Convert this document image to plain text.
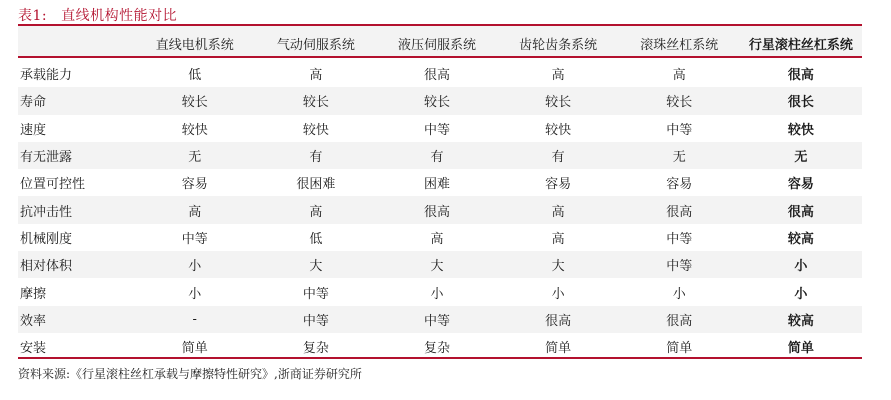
表1: 直线机构性能对比
	直线电机系统	气动伺服系统	液压伺服系统	齿轮齿条系统	滚珠丝杠系统	行星滚柱丝杠系统

承载能力	低	高	很高	高	高	很高
寿命	较长	较长	较长	较长	较长	很长
速度	较快	较快	中等	较快	中等	较快
有无泄露	无	有	有	有	无	无
位置可控性	容易	很困难	困难	容易	容易	容易
抗冲击性	高	高	很高	高	很高	很高
机械刚度	中等	低	高	高	中等	较高
相对体积	小	大	大	大	中等	小
摩擦	小	中等	小	小	小	小
效率	-	中等	中等	很高	很高	较高
安装	简单	复杂	复杂	简单	简单	简单
资料来源:《行星滚柱丝杠承载与摩擦特性研究》,浙商证券研究所
